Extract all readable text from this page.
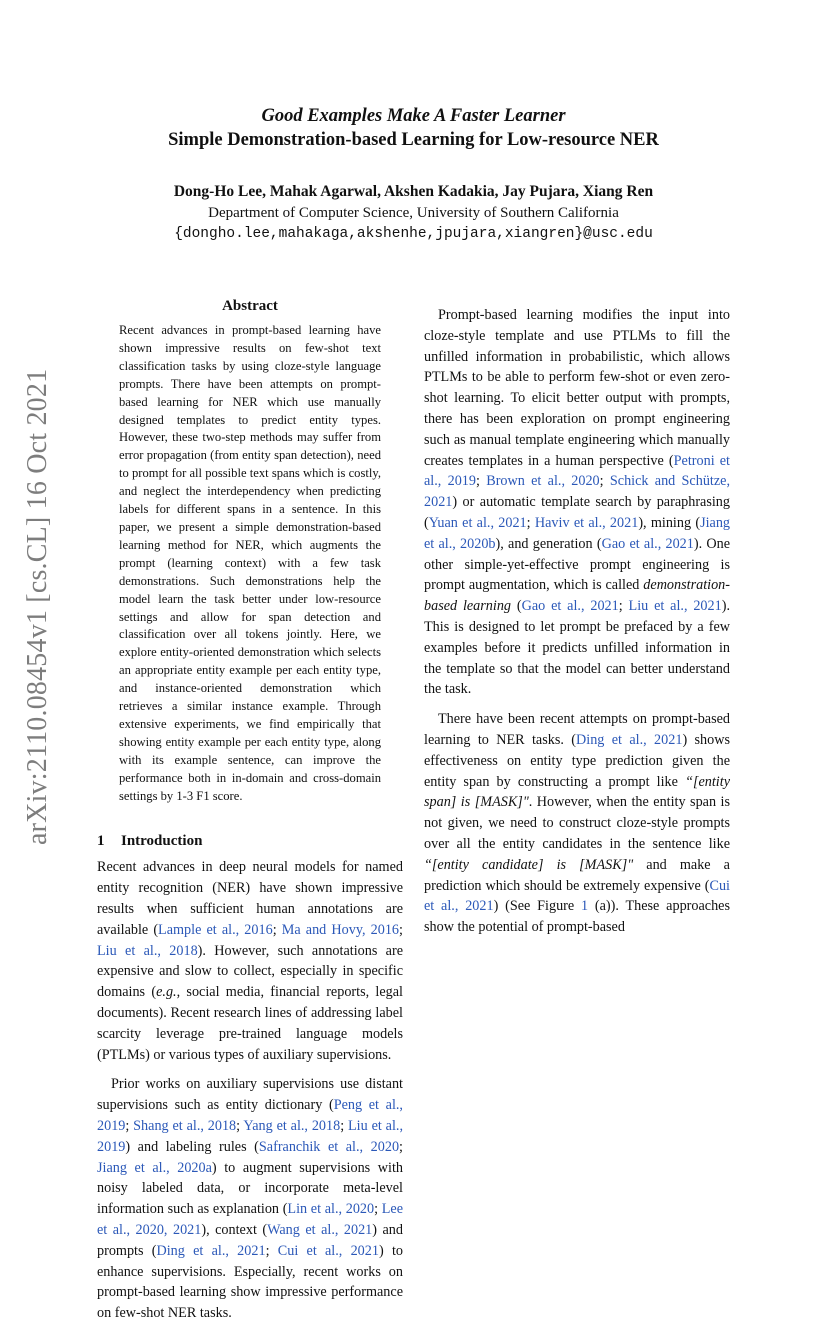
arXiv:2110.08454v1 [cs.CL] 16 Oct 2021

Good Examples Make A Faster Learner

Simple Demonstration-based Learning for Low-resource NER

Dong-Ho Lee, Mahak Agarwal, Akshen Kadakia, Jay Pujara, Xiang Ren
Department of Computer Science, University of Southern California
{dongho.lee,mahakaga,akshenhe,jpujara,xiangren}@usc.edu
Abstract

Recent advances in prompt-based learning have shown impressive results on few-shot text classification tasks by using cloze-style language prompts. There have been attempts on prompt-based learning for NER which use manually designed templates to predict entity types. However, these two-step methods may suffer from error propagation (from entity span detection), need to prompt for all possible text spans which is costly, and neglect the interdependency when predicting labels for different spans in a sentence. In this paper, we present a simple demonstration-based learning method for NER, which augments the prompt (learning context) with a few task demonstrations. Such demonstrations help the model learn the task better under low-resource settings and allow for span detection and classification over all tokens jointly. Here, we explore entity-oriented demonstration which selects an appropriate entity example per each entity type, and instance-oriented demonstration which retrieves a similar instance example. Through extensive experiments, we find empirically that showing entity example per each entity type, along with its example sentence, can improve the performance both in in-domain and cross-domain settings by 1-3 F1 score.

1 Introduction

Recent advances in deep neural models for named entity recognition (NER) have shown impressive results when sufficient human annotations are available (Lample et al., 2016; Ma and Hovy, 2016; Liu et al., 2018). However, such annotations are expensive and slow to collect, especially in specific domains (e.g., social media, financial reports, legal documents). Recent research lines of addressing label scarcity leverage pre-trained language models (PTLMs) or various types of auxiliary supervisions.

Prior works on auxiliary supervisions use distant supervisions such as entity dictionary (Peng et al., 2019; Shang et al., 2018; Yang et al., 2018; Liu et al., 2019) and labeling rules (Safranchik et al., 2020; Jiang et al., 2020a) to augment supervisions with noisy labeled data, or incorporate meta-level information such as explanation (Lin et al., 2020; Lee et al., 2020, 2021), context (Wang et al., 2021) and prompts (Ding et al., 2021; Cui et al., 2021) to enhance supervisions. Especially, recent works on prompt-based learning show impressive performance on few-shot NER tasks.

Prompt-based learning modifies the input into cloze-style template and use PTLMs to fill the unfilled information in probabilistic, which allows PTLMs to be able to perform few-shot or even zero-shot learning. To elicit better output with prompts, there has been exploration on prompt engineering such as manual template engineering which manually creates templates in a human perspective (Petroni et al., 2019; Brown et al., 2020; Schick and Schütze, 2021) or automatic template search by paraphrasing (Yuan et al., 2021; Haviv et al., 2021), mining (Jiang et al., 2020b), and generation (Gao et al., 2021). One other simple-yet-effective prompt engineering is prompt augmentation, which is called demonstration-based learning (Gao et al., 2021; Liu et al., 2021). This is designed to let prompt be prefaced by a few examples before it predicts unfilled information in the template so that the model can better understand the task.

There have been recent attempts on prompt-based learning to NER tasks. (Ding et al., 2021) shows effectiveness on entity type prediction given the entity span by constructing a prompt like “[entity span] is [MASK]". However, when the entity span is not given, we need to construct cloze-style prompts over all the entity candidates in the sentence like “[entity candidate] is [MASK]" and make a prediction which should be extremely expensive (Cui et al., 2021) (See Figure 1 (a)). These approaches show the potential of prompt-based
